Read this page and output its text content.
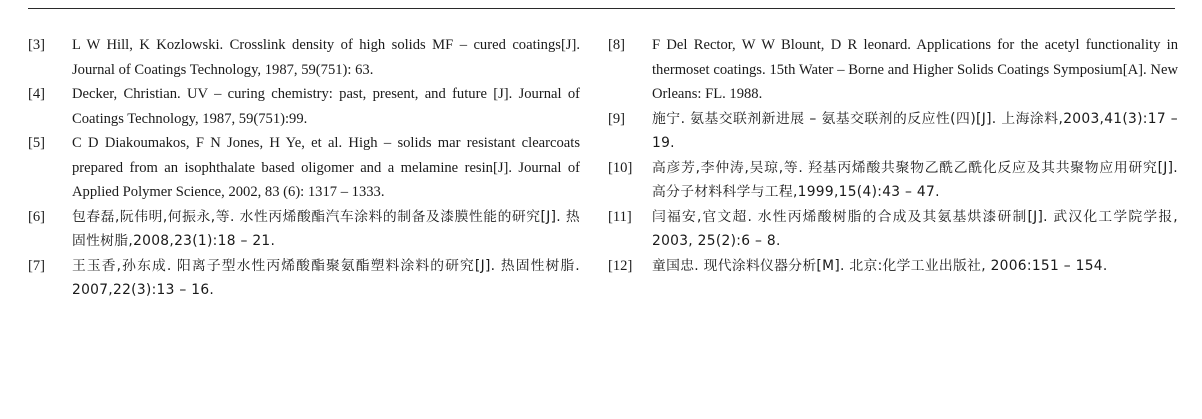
[3] L W Hill, K Kozlowski. Crosslink density of high solids MF – cured coatings[J]. Journal of Coatings Technology, 1987, 59(751): 63.
[4] Decker, Christian. UV – curing chemistry: past, present, and future [J]. Journal of Coatings Technology, 1987, 59(751):99.
[5] C D Diakoumakos, F N Jones, H Ye, et al. High – solids mar resistant clearcoats prepared from an isophthalate based oligomer and a melamine resin[J]. Journal of Applied Polymer Science, 2002, 83 (6): 1317 – 1333.
[6] 包春磊,阮伟明,何振永,等. 水性丙烯酸酯汽车涂料的制备及漆膜性能的研究[J]. 热固性树脂,2008,23(1):18 – 21.
[7] 王玉香,孙东成. 阳离子型水性丙烯酸酯聚氨酯塑料涂料的研究[J]. 热固性树脂. 2007,22(3):13 – 16.
[8] F Del Rector, W W Blount, D R leonard. Applications for the acetyl functionality in thermoset coatings. 15th Water – Borne and Higher Solids Coatings Symposium[A]. New Orleans: FL. 1988.
[9] 施宁. 氨基交联剂新进展 – 氨基交联剂的反应性(四)[J]. 上海涂料,2003,41(3):17 – 19.
[10] 高彦芳,李仲涛,吴琼,等. 羟基丙烯酸共聚物乙酰乙酰化反应及其共聚物应用研究[J]. 高分子材料科学与工程,1999,15(4):43 – 47.
[11] 闫福安,官文超. 水性丙烯酸树脂的合成及其氨基烘漆研制[J]. 武汉化工学院学报, 2003, 25(2):6 – 8.
[12] 童国忠. 现代涂料仪器分析[M]. 北京:化学工业出版社, 2006:151 – 154.
